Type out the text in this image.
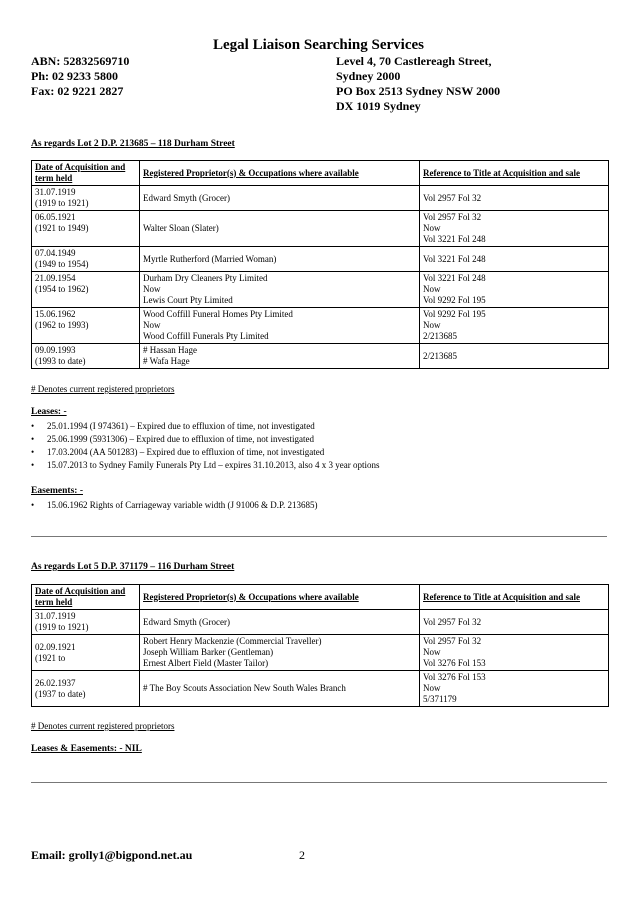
Legal Liaison Searching Services
ABN: 52832569710
Ph: 02 9233 5800
Fax: 02 9221 2827
Level 4, 70 Castlereagh Street,
Sydney 2000
PO Box 2513 Sydney NSW 2000
DX 1019 Sydney
As regards Lot 2 D.P. 213685 – 118 Durham Street
Date of Acquisition and term held	Registered Proprietor(s) & Occupations where available	Reference to Title at Acquisition and sale

31.07.1919
(1919 to 1921)	Edward Smyth (Grocer)	Vol 2957 Fol 32

06.05.1921
(1921 to 1949)	Walter Sloan (Slater)	Vol 2957 Fol 32
Now
Vol 3221 Fol 248

07.04.1949
(1949 to 1954)	Myrtle Rutherford (Married Woman)	Vol 3221 Fol 248

21.09.1954
(1954 to 1962)	Durham Dry Cleaners Pty Limited
Now
Lewis Court Pty Limited	Vol 3221 Fol 248
Now
Vol 9292 Fol 195

15.06.1962
(1962 to 1993)	Wood Coffill Funeral Homes Pty Limited
Now
Wood Coffill Funerals Pty Limited	Vol 9292 Fol 195
Now
2/213685

09.09.1993
(1993 to date)	# Hassan Hage
# Wafa Hage	2/213685
# Denotes current registered proprietors
Leases: -
• 25.01.1994 (I 974361) – Expired due to effluxion of time, not investigated
• 25.06.1999 (5931306) – Expired due to effluxion of time, not investigated
• 17.03.2004 (AA 501283) – Expired due to effluxion of time, not investigated
• 15.07.2013 to Sydney Family Funerals Pty Ltd – expires 31.10.2013, also 4 x 3 year options
Easements: -
• 15.06.1962 Rights of Carriageway variable width (J 91006 & D.P. 213685)
As regards Lot 5 D.P. 371179 – 116 Durham Street
Date of Acquisition and term held	Registered Proprietor(s) & Occupations where available	Reference to Title at Acquisition and sale

31.07.1919
(1919 to 1921)	Edward Smyth (Grocer)	Vol 2957 Fol 32

02.09.1921
(1921 to	Robert Henry Mackenzie (Commercial Traveller)
Joseph William Barker (Gentleman)
Ernest Albert Field (Master Tailor)	Vol 2957 Fol 32
Now
Vol 3276 Fol 153

26.02.1937
(1937 to date)	# The Boy Scouts Association New South Wales Branch	Vol 3276 Fol 153
Now
5/371179
# Denotes current registered proprietors
Leases & Easements: - NIL
Email: grolly1@bigpond.net.au	2
